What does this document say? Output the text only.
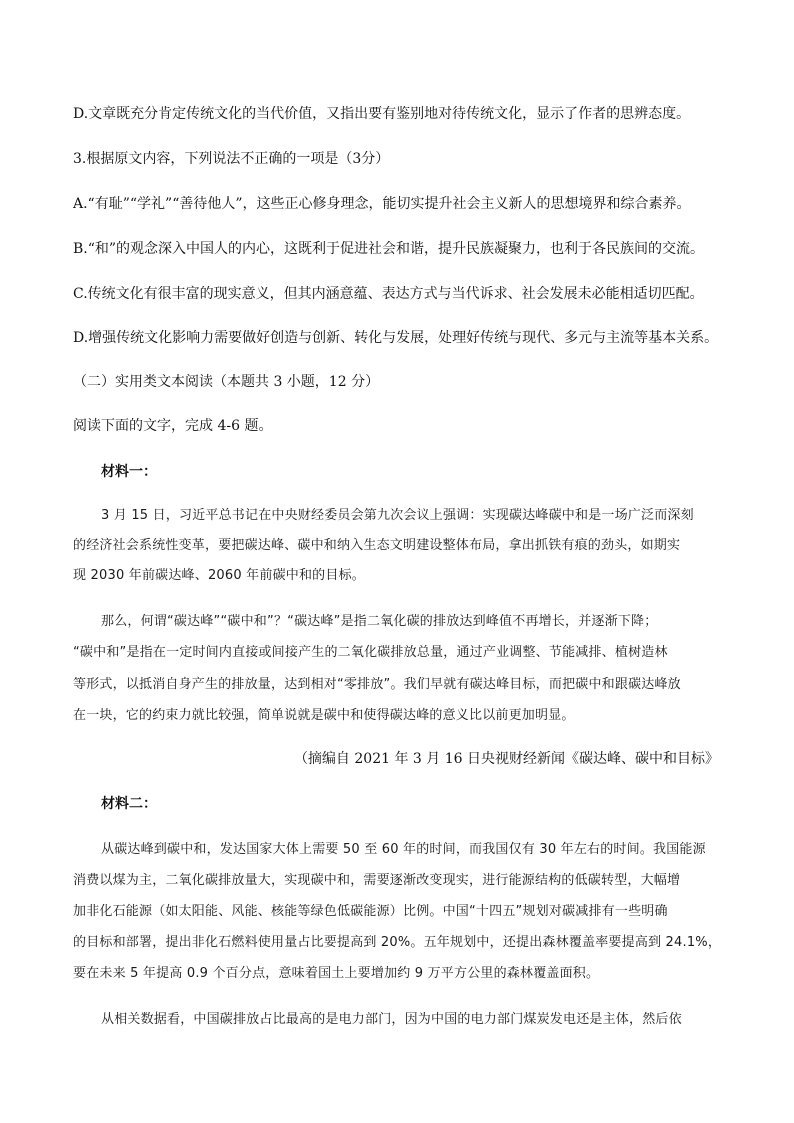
D.文章既充分肯定传统文化的当代价值，又指出要有鉴别地对待传统文化，显示了作者的思辨态度。
3.根据原文内容，下列说法不正确的一项是（3分）
A.“有耻”“学礼”“善待他人”，这些正心修身理念，能切实提升社会主义新人的思想境界和综合素养。
B.“和”的观念深入中国人的内心，这既利于促进社会和谐，提升民族凝聚力，也利于各民族间的交流。
C.传统文化有很丰富的现实意义，但其内涵意蕴、表达方式与当代诉求、社会发展未必能相适切匹配。
D.增强传统文化影响力需要做好创造与创新、转化与发展，处理好传统与现代、多元与主流等基本关系。
（二）实用类文本阅读（本题共 3 小题，12 分）
阅读下面的文字，完成 4-6 题。
材料一：
3 月 15 日，习近平总书记在中央财经委员会第九次会议上强调：实现碳达峰碳中和是一场广泛而深刻
的经济社会系统性变革，要把碳达峰、碳中和纳入生态文明建设整体布局，拿出抓铁有痕的劲头，如期实
现 2030 年前碳达峰、2060 年前碳中和的目标。
那么，何谓“碳达峰”“碳中和”？“碳达峰”是指二氧化碳的排放达到峰值不再增长，并逐渐下降；
“碳中和”是指在一定时间内直接或间接产生的二氧化碳排放总量，通过产业调整、节能减排、植树造林
等形式，以抵消自身产生的排放量，达到相对“零排放”。我们早就有碳达峰目标，而把碳中和跟碳达峰放
在一块，它的约束力就比较强，简单说就是碳中和使得碳达峰的意义比以前更加明显。
（摘编自 2021 年 3 月 16 日央视财经新闻《碳达峰、碳中和目标》
材料二：
从碳达峰到碳中和，发达国家大体上需要 50 至 60 年的时间，而我国仅有 30 年左右的时间。我国能源
消费以煤为主，二氧化碳排放量大，实现碳中和，需要逐渐改变现实，进行能源结构的低碳转型，大幅增
加非化石能源（如太阳能、风能、核能等绿色低碳能源）比例。中国“十四五”规划对碳减排有一些明确
的目标和部署，提出非化石燃料使用量占比要提高到 20%。五年规划中，还提出森林覆盖率要提高到 24.1%，
要在未来 5 年提高 0.9 个百分点，意味着国土上要增加约 9 万平方公里的森林覆盖面积。
从相关数据看，中国碳排放占比最高的是电力部门，因为中国的电力部门煤炭发电还是主体，然后依
